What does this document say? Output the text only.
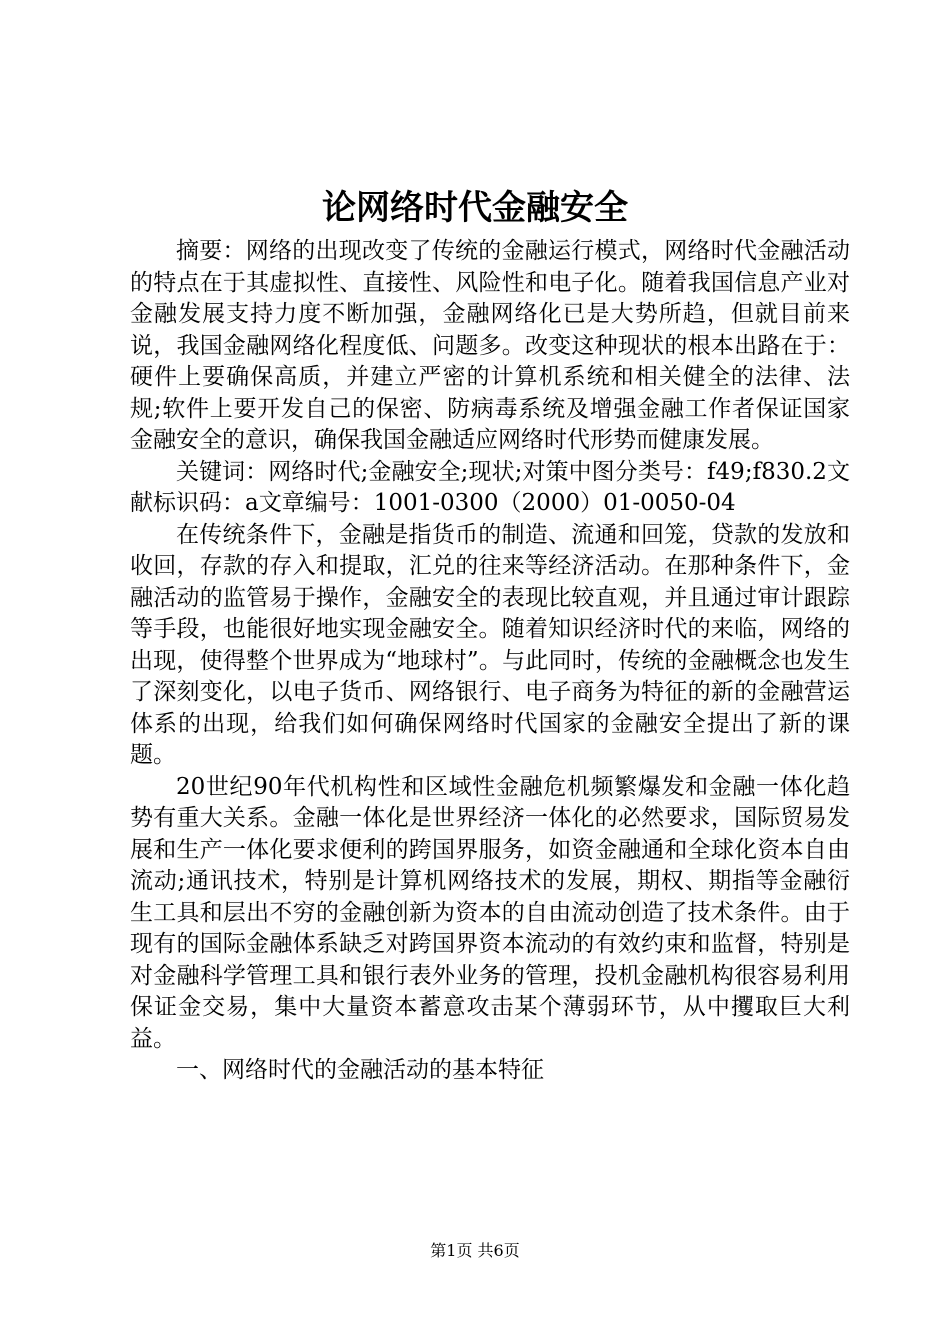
论网络时代金融安全

摘要：网络的出现改变了传统的金融运行模式，网络时代金融活动的特点在于其虚拟性、直接性、风险性和电子化。随着我国信息产业对金融发展支持力度不断加强，金融网络化已是大势所趋，但就目前来说，我国金融网络化程度低、问题多。改变这种现状的根本出路在于：硬件上要确保高质，并建立严密的计算机系统和相关健全的法律、法规;软件上要开发自己的保密、防病毒系统及增强金融工作者保证国家金融安全的意识，确保我国金融适应网络时代形势而健康发展。

关键词：网络时代;金融安全;现状;对策中图分类号：f49;f830.2文献标识码：a文章编号：1001-0300（2000）01-0050-04

在传统条件下，金融是指货币的制造、流通和回笼，贷款的发放和收回，存款的存入和提取，汇兑的往来等经济活动。在那种条件下，金融活动的监管易于操作，金融安全的表现比较直观，并且通过审计跟踪等手段，也能很好地实现金融安全。随着知识经济时代的来临，网络的出现，使得整个世界成为“地球村”。与此同时，传统的金融概念也发生了深刻变化，以电子货币、网络银行、电子商务为特征的新的金融营运体系的出现，给我们如何确保网络时代国家的金融安全提出了新的课题。

20世纪90年代机构性和区域性金融危机频繁爆发和金融一体化趋势有重大关系。金融一体化是世界经济一体化的必然要求，国际贸易发展和生产一体化要求便利的跨国界服务，如资金融通和全球化资本自由流动;通讯技术，特别是计算机网络技术的发展，期权、期指等金融衍生工具和层出不穷的金融创新为资本的自由流动创造了技术条件。由于现有的国际金融体系缺乏对跨国界资本流动的有效约束和监督，特别是对金融科学管理工具和银行表外业务的管理，投机金融机构很容易利用保证金交易，集中大量资本蓄意攻击某个薄弱环节，从中攫取巨大利益。

一、网络时代的金融活动的基本特征

第1页 共6页
